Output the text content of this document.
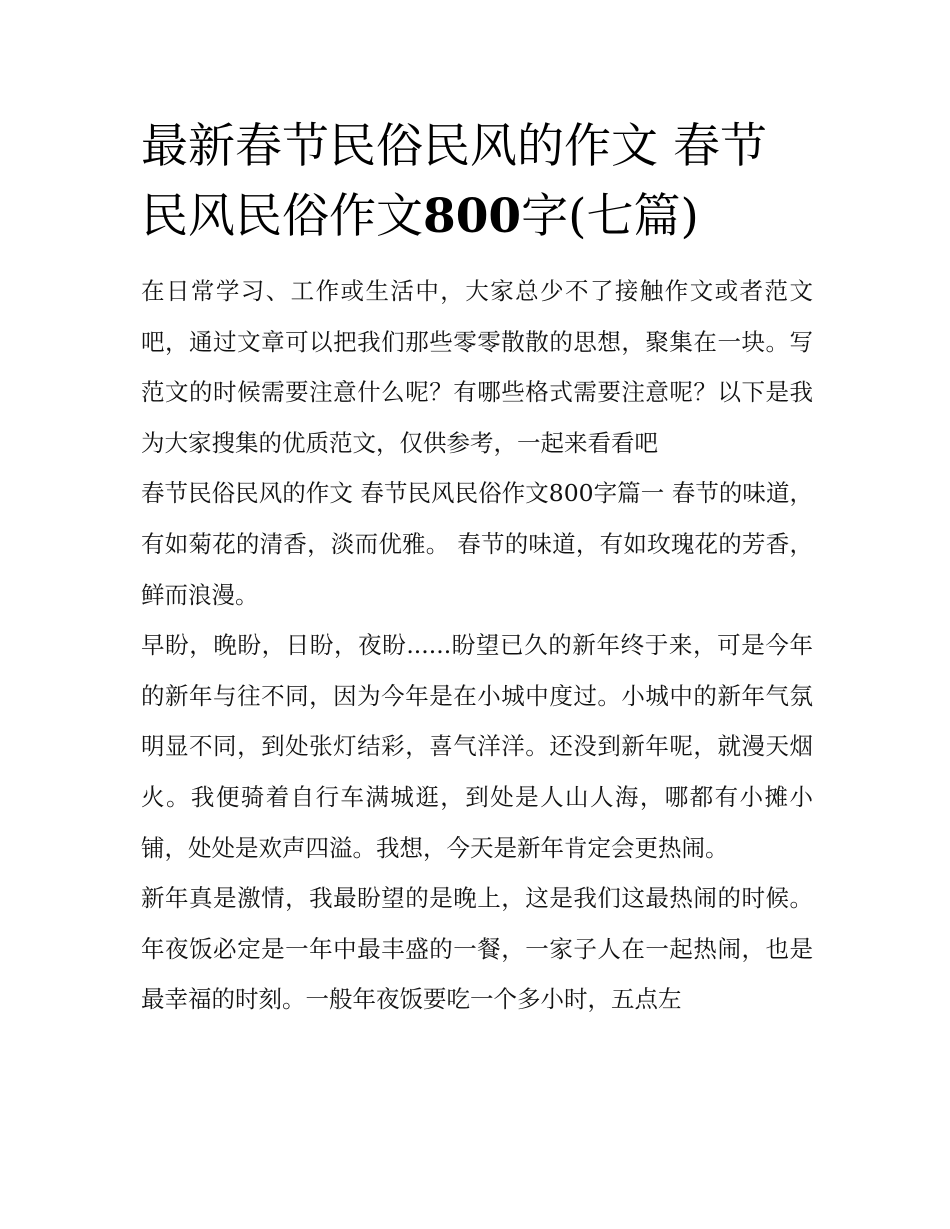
最新春节民俗民风的作文 春节民风民俗作文800字(七篇)

在日常学习、工作或生活中，大家总少不了接触作文或者范文吧，通过文章可以把我们那些零零散散的思想，聚集在一块。写范文的时候需要注意什么呢？有哪些格式需要注意呢？以下是我为大家搜集的优质范文，仅供参考，一起来看看吧

春节民俗民风的作文 春节民风民俗作文800字篇一 春节的味道，有如菊花的清香，淡而优雅。 春节的味道，有如玫瑰花的芳香，鲜而浪漫。

早盼，晚盼，日盼，夜盼......盼望已久的新年终于来，可是今年的新年与往不同，因为今年是在小城中度过。小城中的新年气氛明显不同，到处张灯结彩，喜气洋洋。还没到新年呢，就漫天烟火。我便骑着自行车满城逛，到处是人山人海，哪都有小摊小铺，处处是欢声四溢。我想，今天是新年肯定会更热闹。

新年真是激情，我最盼望的是晚上，这是我们这最热闹的时候。年夜饭必定是一年中最丰盛的一餐，一家子人在一起热闹，也是最幸福的时刻。一般年夜饭要吃一个多小时，五点左
